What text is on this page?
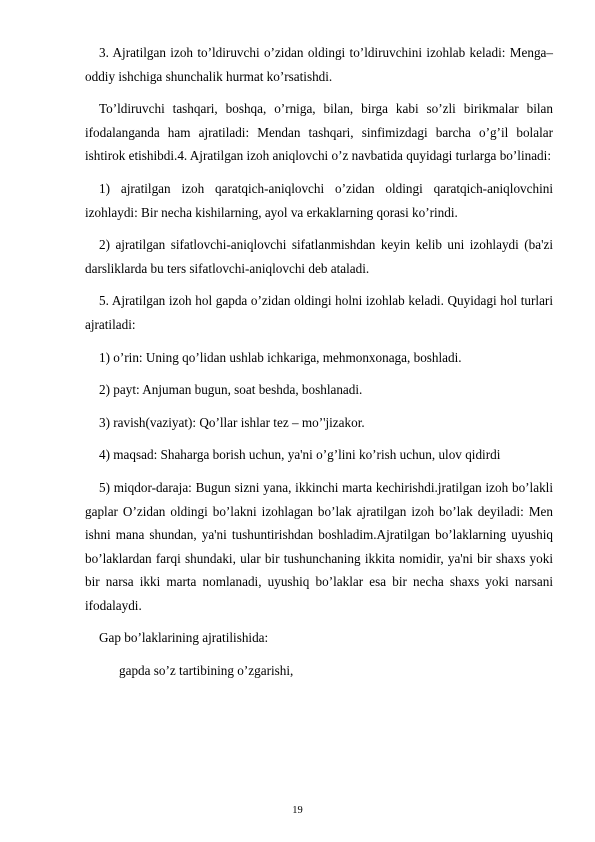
3. Ajratilgan izoh to’ldiruvchi o’zidan oldingi to’ldiruvchini izohlab keladi: Menga–oddiy ishchiga shunchalik hurmat ko’rsatishdi.

To’ldiruvchi tashqari, boshqa, o’rniga, bilan, birga kabi so’zli birikmalar bilan ifodalanganda ham ajratiladi: Mendan tashqari, sinfimizdagi barcha o’g’il bolalar ishtirok etishibdi.4. Ajratilgan izoh aniqlovchi o’z navbatida quyidagi turlarga bo’linadi:

1) ajratilgan izoh qaratqich-aniqlovchi o’zidan oldingi qaratqich-aniqlovchini izohlaydi: Bir necha kishilarning, ayol va erkaklarning qorasi ko’rindi.

2) ajratilgan sifatlovchi-aniqlovchi sifatlanmishdan keyin kelib uni izohlaydi (ba'zi darsliklarda bu ters sifatlovchi-aniqlovchi deb ataladi.

5. Ajratilgan izoh hol gapda o’zidan oldingi holni izohlab keladi. Quyidagi hol turlari ajratiladi:

1) o’rin: Uning qo’lidan ushlab ichkariga, mehmonxonaga, boshladi.

2) payt: Anjuman bugun, soat beshda, boshlanadi.

3) ravish(vaziyat): Qo’llar ishlar tez – mo’'jizakor.

4) maqsad: Shaharga borish uchun, ya'ni o’g’lini ko’rish uchun, ulov qidirdi

5) miqdor-daraja: Bugun sizni yana, ikkinchi marta kechirishdi.jratilgan izoh bo’lakli gaplar O’zidan oldingi bo’lakni izohlagan bo’lak ajratilgan izoh bo’lak deyiladi: Men ishni mana shundan, ya'ni tushuntirishdan boshladim.Ajratilgan bo’laklarning uyushiq bo’laklardan farqi shundaki, ular bir tushunchaning ikkita nomidir, ya'ni bir shaxs yoki bir narsa ikki marta nomlanadi, uyushiq bo’laklar esa bir necha shaxs yoki narsani ifodalaydi.

Gap bo’laklarining ajratilishida:

gapda so’z tartibining o’zgarishi,

19
